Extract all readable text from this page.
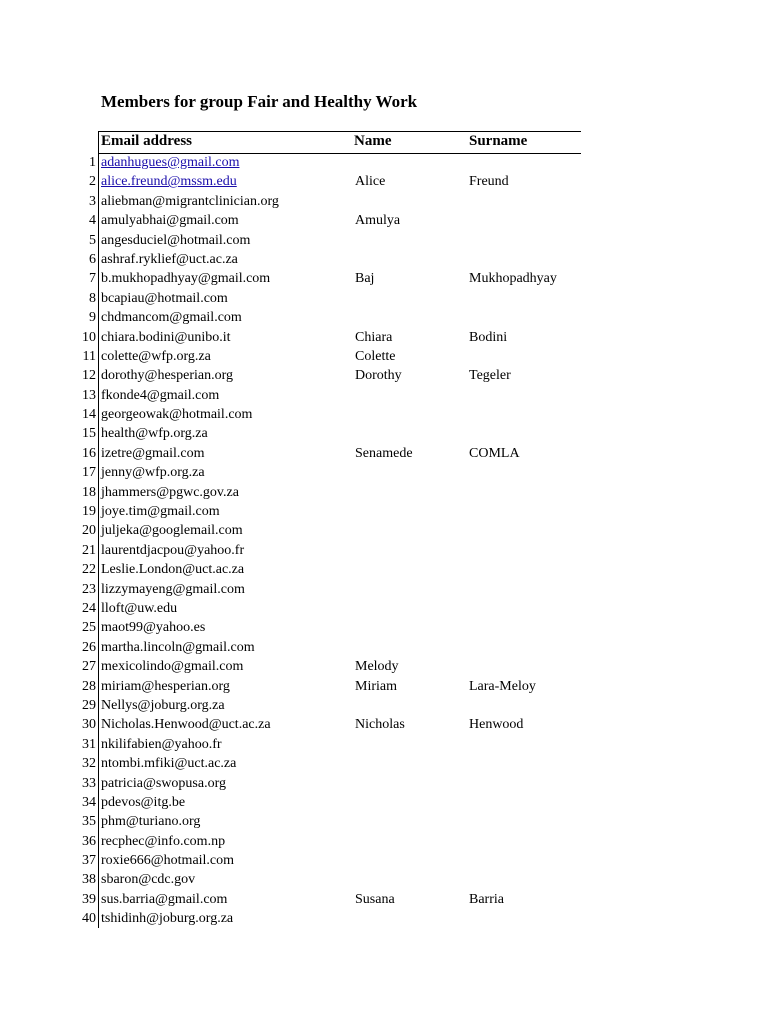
Members for group Fair and Healthy Work
Email address	Name	Surname
1 adanhugues@gmail.com
2 alice.freund@mssm.edu	Alice	Freund
3 aliebman@migrantclinician.org
4 amulyabhai@gmail.com	Amulya
5 angesduciel@hotmail.com
6 ashraf.ryklief@uct.ac.za
7 b.mukhopadhyay@gmail.com	Baj	Mukhopadhyay
8 bcapiau@hotmail.com
9 chdmancom@gmail.com
10 chiara.bodini@unibo.it	Chiara	Bodini
11 colette@wfp.org.za	Colette
12 dorothy@hesperian.org	Dorothy	Tegeler
13 fkonde4@gmail.com
14 georgeowak@hotmail.com
15 health@wfp.org.za
16 izetre@gmail.com	Senamede	COMLA
17 jenny@wfp.org.za
18 jhammers@pgwc.gov.za
19 joye.tim@gmail.com
20 juljeka@googlemail.com
21 laurentdjacpou@yahoo.fr
22 Leslie.London@uct.ac.za
23 lizzymayeng@gmail.com
24 lloft@uw.edu
25 maot99@yahoo.es
26 martha.lincoln@gmail.com
27 mexicolindo@gmail.com	Melody
28 miriam@hesperian.org	Miriam	Lara-Meloy
29 Nellys@joburg.org.za
30 Nicholas.Henwood@uct.ac.za	Nicholas	Henwood
31 nkilifabien@yahoo.fr
32 ntombi.mfiki@uct.ac.za
33 patricia@swopusa.org
34 pdevos@itg.be
35 phm@turiano.org
36 recphec@info.com.np
37 roxie666@hotmail.com
38 sbaron@cdc.gov
39 sus.barria@gmail.com	Susana	Barria
40 tshidinh@joburg.org.za
